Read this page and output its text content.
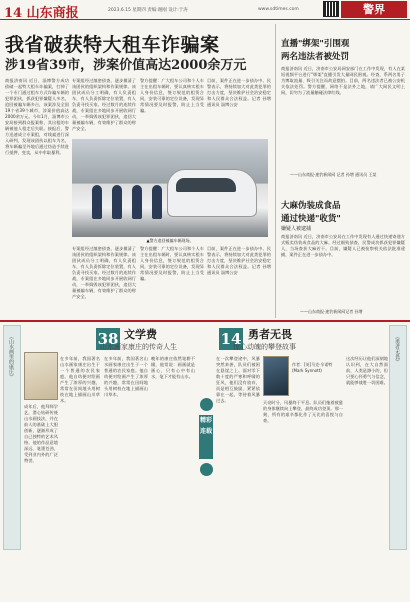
14 山东商报	2023.6.15 星期四 责编:谢刚 设计:于涛	www.sdtimes.com	警界
我省破获特大租车诈骗案
涉19省39市，涉案价值高达2000余万元
商报济南讯 近日，淄博警方成功侦破一起特大租车诈骗案，打掉了一个专门通过租车方式诈骗车辆的犯罪团伙，抓获犯罪嫌疑人多名，追回被骗车辆多台，该案涉及全国19个省39个城市，涉案价值高达2000余万元。今年1月，淄博市公安局接到群众报案称，其出租的车辆被他人租走后失联。接报后，警方迅速成立专案组，对线索进行深入研判，发现该团伙以租车为名，将车辆骗至外地后通过伪造手续进行抵押、变卖，从中牟取暴利。
专案组经过缜密侦查，逐步摸清了该团伙的组织架构和作案规律。该团伙成员分工明确，有人负责租车，有人负责拆除定位装置，有人负责寻找买家。经过数月的连续作战，专案组在多地同步开展收网行动，一举捣毁该犯罪团伙，追回大量被骗车辆，有效维护了群众的财产安全。
警方提醒：广大租车公司和个人车主在出租车辆时，要认真核实租车人身份信息，签订规范的租赁合同，安装可靠的定位设备，发现异常情况要及时报警，防止上当受骗。
目前，案件正在进一步侦办中。民警表示，将持续加大对此类犯罪的打击力度，坚决维护社会治安稳定和人民群众合法权益。记者 孙增 通讯员 淄博公安
▲警方追回被骗车辆现场。
专案组经过缜密侦查，逐步摸清了该团伙的组织架构和作案规律。该团伙成员分工明确，有人负责租车，有人负责拆除定位装置，有人负责寻找买家。经过数月的连续作战，专案组在多地同步开展收网行动，一举捣毁该犯罪团伙，追回大量被骗车辆，有效维护了群众的财产安全。
警方提醒：广大租车公司和个人车主在出租车辆时，要认真核实租车人身份信息，签订规范的租赁合同，安装可靠的定位设备，发现异常情况要及时报警，防止上当受骗。
目前，案件正在进一步侦办中。民警表示，将持续加大对此类犯罪的打击力度，坚决维护社会治安稳定和人民群众合法权益。记者 孙增 通讯员 淄博公安
直播"绑架"引围观
两名违法者被处罚
商报济南讯 近日，济南市公安局网安部门在工作中发现，有人在某短视频平台进行"绑架"直播引发大量网民围观。经查，系两名男子为博取流量、吸引关注而故意摆拍。目前，两名违法者已被公安机关依法处罚。警方提醒，网络不是法外之地，请广大网民文明上网，切勿为了流量触碰法律红线。
——山东商报·速豹新闻网 记者 孙增 通讯员 王某
大麻伪装成食品
通过快递"收货"
嫌疑人被逮捕
商报济南讯 近日，济南市公安局在工作中发现有人通过快递寄递方式贩卖伪装成食品的大麻。经过细致侦查，民警成功抓获犯罪嫌疑人，当场查获大麻若干。目前，嫌疑人已被检察机关依法批准逮捕，案件正在进一步侦办中。
——山东商报·速豹新闻网记者 孙增
《山水画里的康庄》	38 文学费
山水画家康庄的传奇人生
在多年前，我国著名山水画家康庄出生于一个普通的农民家庭。他自幼便对绘画产生了浓厚的兴趣，常常在田间地头用树枝在地上描画山川草木。
成年后，他拜师学艺，潜心钻研传统山水画技法，并在前人的基础上大胆创新，逐渐形成了自己独特的艺术风格。他的作品意境深远、笔墨苍劲，受到业内外的广泛赞誉。
在多年前，我国著名山水画家康庄出生于一个普通的农民家庭。他自幼便对绘画产生了浓厚的兴趣，常常在田间地头用树枝在地上描画山川草木。
晚年的康庄依然笔耕不辍，他常说：画画就是画心，只有心中有山水，笔下才能有山水。
精彩连载
14 勇者无畏
惊心动魄的攀登故事
在一次攀登途中，风暴突然来袭，队员们被困在悬崖之上。面对零下数十度的严寒和呼啸的狂风，他们没有放弃，而是相互鼓励，紧紧依靠在一起，等待着风暴过去。
作者：[英]马克·辛诺特 (Mark Synnott)
天亮时分，风暴终于平息。队员们拖着疲惫的身体继续向上攀登，最终成功登顶。那一刻，所有的艰辛都化作了无比的喜悦与自豪。
这次经历让他们深刻地认识到，在大自然面前，人类是渺小的，但只要心怀勇气与信念，就能够战胜一切困难。
《勇者无畏》
